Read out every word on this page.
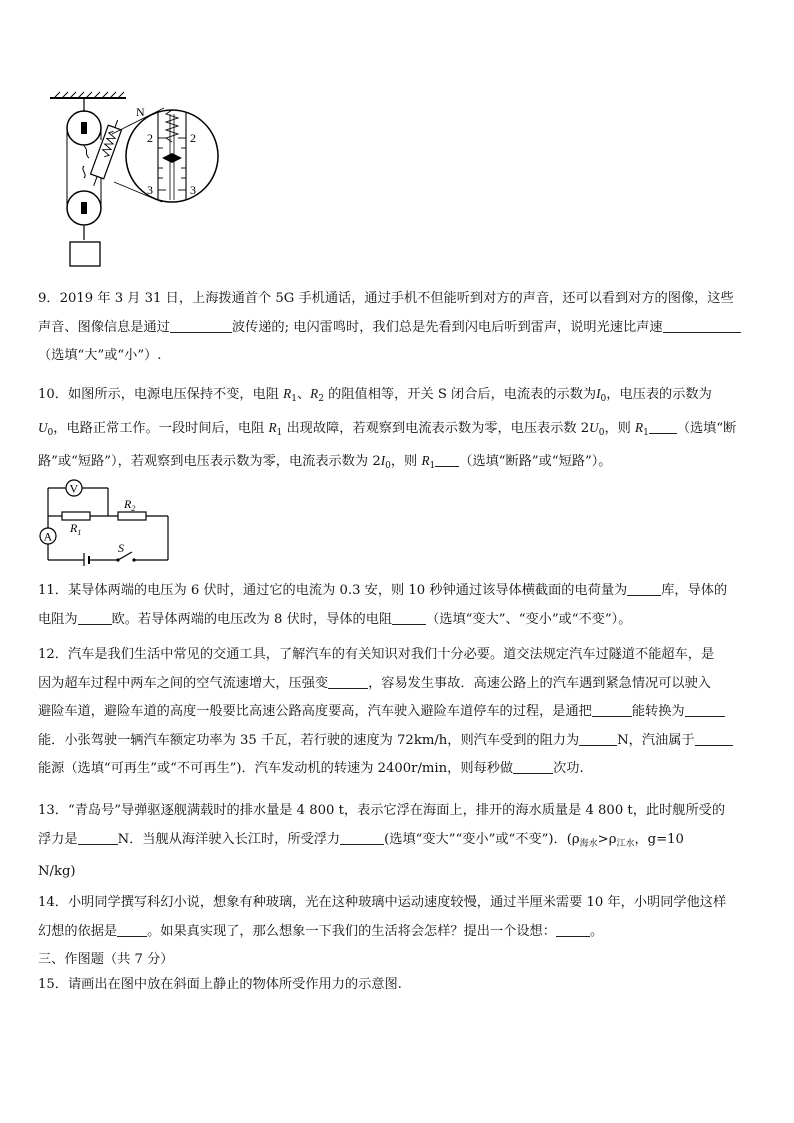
N
2	2
3	3

9．2019 年 3 月 31 日，上海拨通首个 5G 手机通话，通过手机不但能听到对方的声音，还可以看到对方的图像，这些

声音、图像信息是通过	波传递的; 电闪雷鸣时，我们总是先看到闪电后听到雷声，说明光速比声速

（选填“大”或“小”）.

10．如图所示，电源电压保持不变，电阻 $R_1$、$R_2$ 的阻值相等，开关 S 闭合后，电流表的示数为$I_0$，电压表的示数为

$U_0$，电路正常工作。一段时间后，电阻 $R_1$ 出现故障，若观察到电流表示数为零，电压表示数 $2U_0$，则 $R_1$ （选填“断

路”或“短路”），若观察到电压表示数为零，电流表示数为 $2I_0$，则 $R_1$ （选填“断路”或“短路”）。

V
$R_1$
$R_2$
A
S

11．某导体两端的电压为 6 伏时，通过它的电流为 0.3 安，则 10 秒钟通过该导体横截面的电荷量为	库，导体的

电阻为	欧。若导体两端的电压改为 8 伏时，导体的电阻	（选填“变大”、“变小”或“不变”）。

12．汽车是我们生活中常见的交通工具，了解汽车的有关知识对我们十分必要。道交法规定汽车过隧道不能超车，是

因为超车过程中两车之间的空气流速增大，压强变	，容易发生事故．高速公路上的汽车遇到紧急情况可以驶入

避险车道，避险车道的高度一般要比高速公路高度要高，汽车驶入避险车道停车的过程，是通把	能转换为

能．小张驾驶一辆汽车额定功率为 35 千瓦，若行驶的速度为 72km/h，则汽车受到的阻力为	N，汽油属于

能源（选填“可再生”或“不可再生”)．汽车发动机的转速为 2400r/min，则每秒做	次功.

13．“青岛号”导弹驱逐舰满载时的排水量是 4 800 t，表示它浮在海面上，排开的海水质量是 4 800 t，此时舰所受的

浮力是	N．当舰从海洋驶入长江时，所受浮力	(选填“变大”“变小”或“不变”)．($\rho_{海水}>\rho_{江水}$，g=10

N/kg)

14．小明同学撰写科幻小说，想象有种玻璃，光在这种玻璃中运动速度较慢，通过半厘米需要 10 年，小明同学他这样

幻想的依据是 。如果真实现了，那么想象一下我们的生活将会怎样？提出一个设想：	。

三、作图题（共 7 分）

15．请画出在图中放在斜面上静止的物体所受作用力的示意图.
